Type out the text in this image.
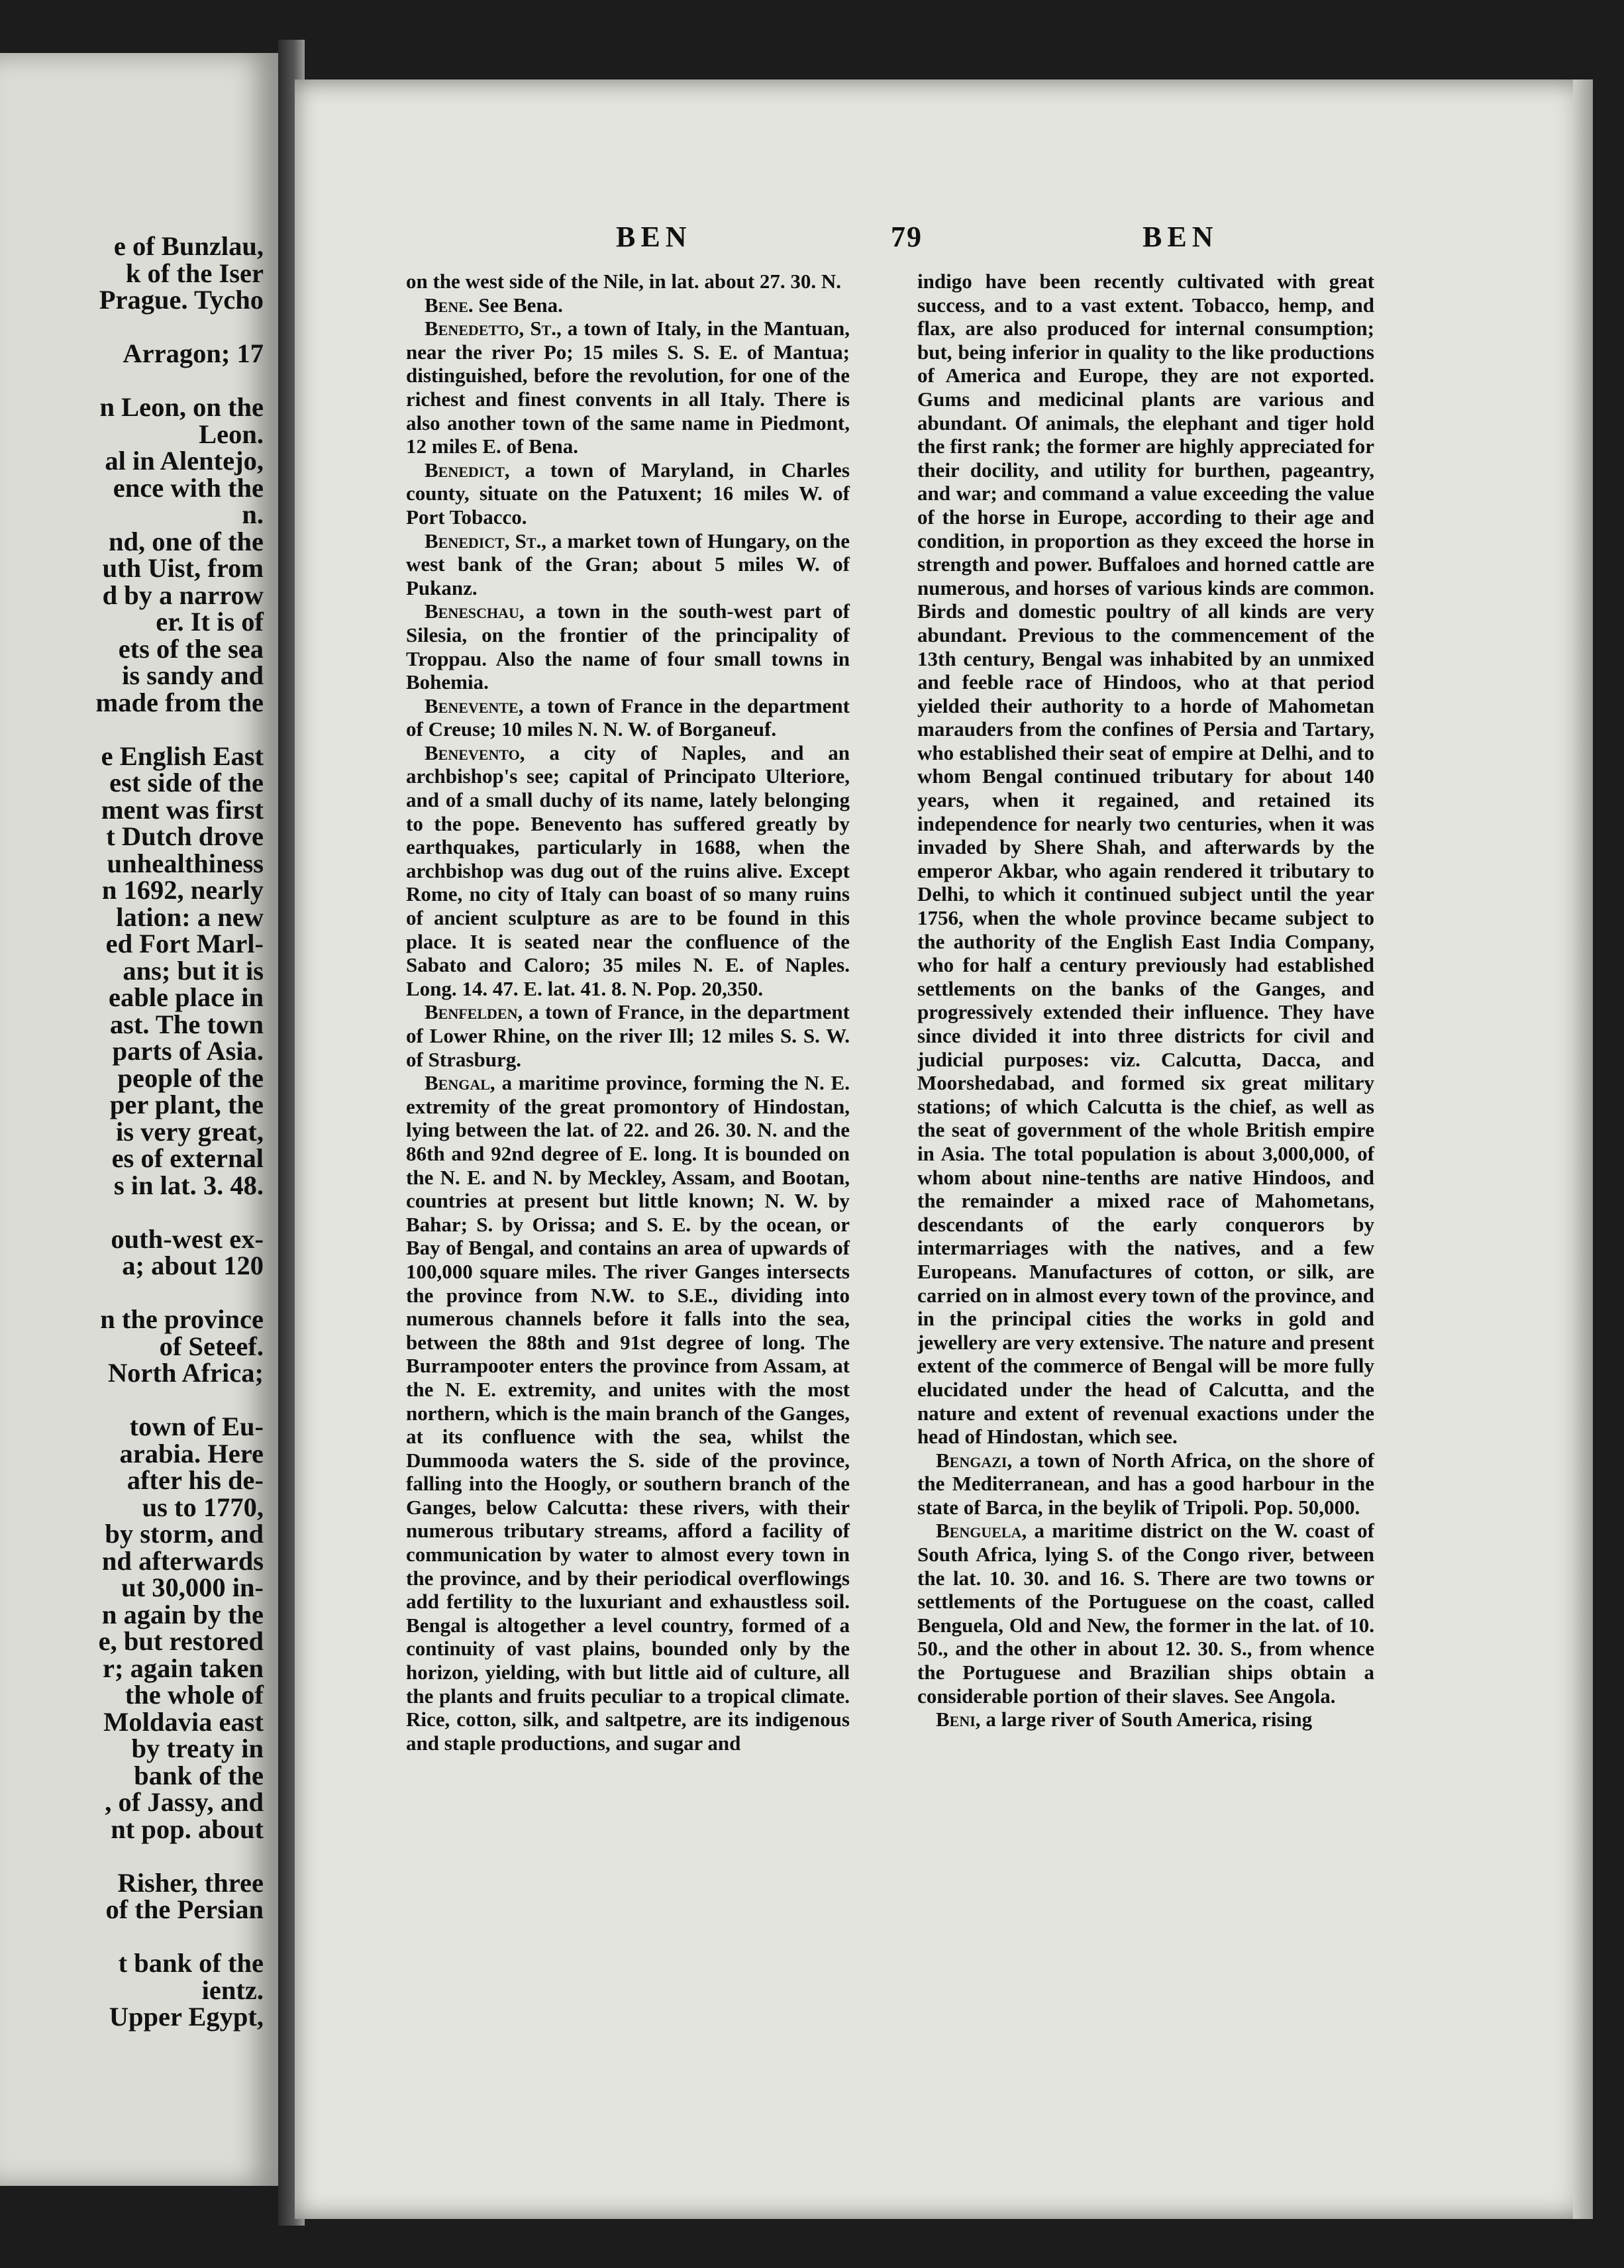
e of Bunzlau,
k of the Iser
Prague. Tycho
Arragon; 17
n Leon, on the
Leon.
al in Alentejo,
ence with the
n.
nd, one of the
uth Uist, from
d by a narrow
er. It is of
ets of the sea
is sandy and
made from the
e English East
est side of the
ment was first
t Dutch drove
unhealthiness
n 1692, nearly
lation: a new
ed Fort Marl-
ans; but it is
eable place in
ast. The town
parts of Asia.
people of the
per plant, the
is very great,
es of external
s in lat. 3. 48.
outh-west ex-
a; about 120
n the province
of Seteef.
North Africa;
town of Eu-
arabia. Here
after his de-
us to 1770,
by storm, and
nd afterwards
ut 30,000 in-
n again by the
e, but restored
r; again taken
the whole of
Moldavia east
by treaty in
bank of the
, of Jassy, and
nt pop. about
Risher, three
of the Persian
t bank of the
ientz.
Upper Egypt,
BEN	79	BEN

on the west side of the Nile, in lat. about 27. 30. N.

Bene. See Bena.

Benedetto, St., a town of Italy, in the Mantuan, near the river Po; 15 miles S. S. E. of Mantua; distinguished, before the revolution, for one of the richest and finest convents in all Italy. There is also another town of the same name in Piedmont, 12 miles E. of Bena.

Benedict, a town of Maryland, in Charles county, situate on the Patuxent; 16 miles W. of Port Tobacco.

Benedict, St., a market town of Hungary, on the west bank of the Gran; about 5 miles W. of Pukanz.

Beneschau, a town in the south-west part of Silesia, on the frontier of the principality of Troppau. Also the name of four small towns in Bohemia.

Benevente, a town of France in the department of Creuse; 10 miles N. N. W. of Borganeuf.

Benevento, a city of Naples, and an archbishop's see; capital of Principato Ulteriore, and of a small duchy of its name, lately belonging to the pope. Benevento has suffered greatly by earthquakes, particularly in 1688, when the archbishop was dug out of the ruins alive. Except Rome, no city of Italy can boast of so many ruins of ancient sculpture as are to be found in this place. It is seated near the confluence of the Sabato and Caloro; 35 miles N. E. of Naples. Long. 14. 47. E. lat. 41. 8. N. Pop. 20,350.

Benfelden, a town of France, in the department of Lower Rhine, on the river Ill; 12 miles S. S. W. of Strasburg.

Bengal, a maritime province, forming the N. E. extremity of the great promontory of Hindostan, lying between the lat. of 22. and 26. 30. N. and the 86th and 92nd degree of E. long. It is bounded on the N. E. and N. by Meckley, Assam, and Bootan, countries at present but little known; N. W. by Bahar; S. by Orissa; and S. E. by the ocean, or Bay of Bengal, and contains an area of upwards of 100,000 square miles. The river Ganges intersects the province from N.W. to S.E., dividing into numerous channels before it falls into the sea, between the 88th and 91st degree of long. The Burrampooter enters the province from Assam, at the N. E. extremity, and unites with the most northern, which is the main branch of the Ganges, at its confluence with the sea, whilst the Dummooda waters the S. side of the province, falling into the Hoogly, or southern branch of the Ganges, below Calcutta: these rivers, with their numerous tributary streams, afford a facility of communication by water to almost every town in the province, and by their periodical overflowings add fertility to the luxuriant and exhaustless soil. Bengal is altogether a level country, formed of a continuity of vast plains, bounded only by the horizon, yielding, with but little aid of culture, all the plants and fruits peculiar to a tropical climate. Rice, cotton, silk, and saltpetre, are its indigenous and staple productions, and sugar and

indigo have been recently cultivated with great success, and to a vast extent. Tobacco, hemp, and flax, are also produced for internal consumption; but, being inferior in quality to the like productions of America and Europe, they are not exported. Gums and medicinal plants are various and abundant. Of animals, the elephant and tiger hold the first rank; the former are highly appreciated for their docility, and utility for burthen, pageantry, and war; and command a value exceeding the value of the horse in Europe, according to their age and condition, in proportion as they exceed the horse in strength and power. Buffaloes and horned cattle are numerous, and horses of various kinds are common. Birds and domestic poultry of all kinds are very abundant. Previous to the commencement of the 13th century, Bengal was inhabited by an unmixed and feeble race of Hindoos, who at that period yielded their authority to a horde of Mahometan marauders from the confines of Persia and Tartary, who established their seat of empire at Delhi, and to whom Bengal continued tributary for about 140 years, when it regained, and retained its independence for nearly two centuries, when it was invaded by Shere Shah, and afterwards by the emperor Akbar, who again rendered it tributary to Delhi, to which it continued subject until the year 1756, when the whole province became subject to the authority of the English East India Company, who for half a century previously had established settlements on the banks of the Ganges, and progressively extended their influence. They have since divided it into three districts for civil and judicial purposes: viz. Calcutta, Dacca, and Moorshedabad, and formed six great military stations; of which Calcutta is the chief, as well as the seat of government of the whole British empire in Asia. The total population is about 3,000,000, of whom about nine-tenths are native Hindoos, and the remainder a mixed race of Mahometans, descendants of the early conquerors by intermarriages with the natives, and a few Europeans. Manufactures of cotton, or silk, are carried on in almost every town of the province, and in the principal cities the works in gold and jewellery are very extensive. The nature and present extent of the commerce of Bengal will be more fully elucidated under the head of Calcutta, and the nature and extent of revenual exactions under the head of Hindostan, which see.

Bengazi, a town of North Africa, on the shore of the Mediterranean, and has a good harbour in the state of Barca, in the beylik of Tripoli. Pop. 50,000.

Benguela, a maritime district on the W. coast of South Africa, lying S. of the Congo river, between the lat. 10. 30. and 16. S. There are two towns or settlements of the Portuguese on the coast, called Benguela, Old and New, the former in the lat. of 10. 50., and the other in about 12. 30. S., from whence the Portuguese and Brazilian ships obtain a considerable portion of their slaves. See Angola.

Beni, a large river of South America, rising
